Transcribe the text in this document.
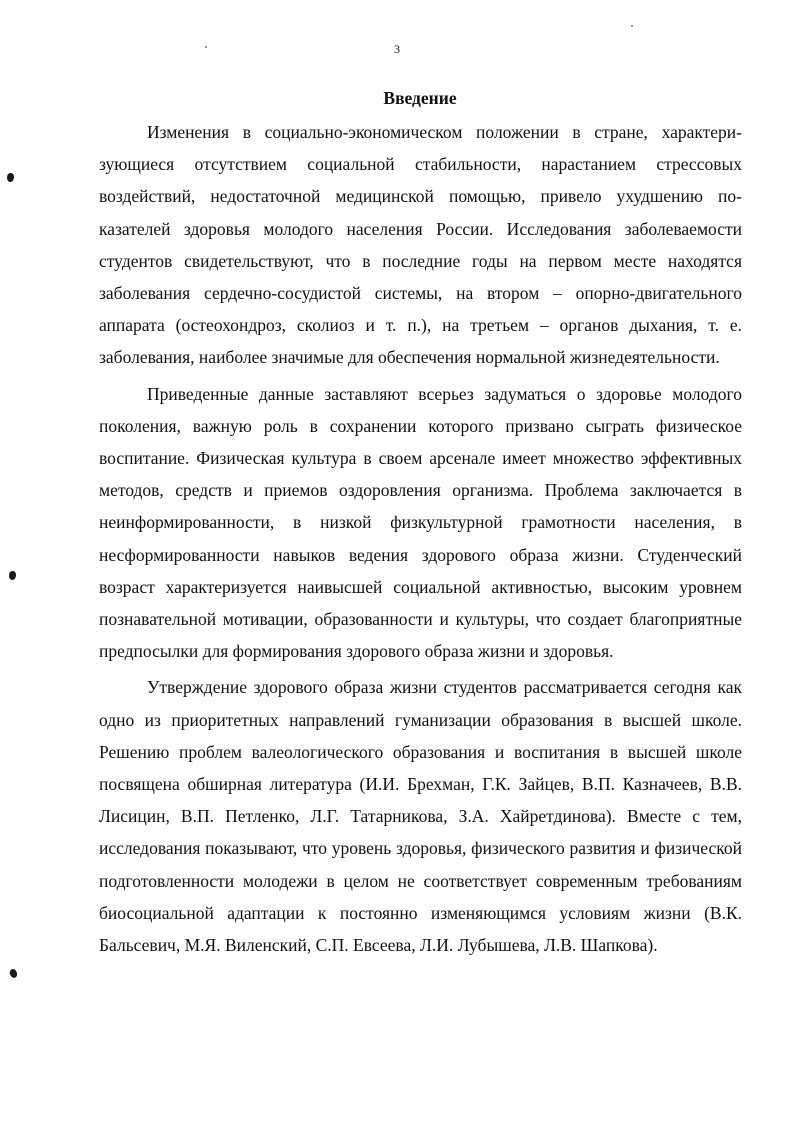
3
Введение

Изменения в социально-экономическом положении в стране, характеризующиеся отсутствием социальной стабильности, нарастанием стрессовых воздействий, недостаточной медицинской помощью, привело ухудшению показателей здоровья молодого населения России. Исследования заболеваемости студентов свидетельствуют, что в последние годы на первом месте находятся заболевания сердечно-сосудистой системы, на втором – опорно-двигательного аппарата (остеохондроз, сколиоз и т. п.), на третьем – органов дыхания, т. е. заболевания, наиболее значимые для обеспечения нормальной жизнедеятельности.

Приведенные данные заставляют всерьез задуматься о здоровье молодого поколения, важную роль в сохранении которого призвано сыграть физическое воспитание. Физическая культура в своем арсенале имеет множество эффективных методов, средств и приемов оздоровления организма. Проблема заключается в неинформированности, в низкой физкультурной грамотности населения, в несформированности навыков ведения здорового образа жизни. Студенческий возраст характеризуется наивысшей социальной активностью, высоким уровнем познавательной мотивации, образованности и культуры, что создает благоприятные предпосылки для формирования здорового образа жизни и здоровья.

Утверждение здорового образа жизни студентов рассматривается сегодня как одно из приоритетных направлений гуманизации образования в высшей школе. Решению проблем валеологического образования и воспитания в высшей школе посвящена обширная литература (И.И. Брехман, Г.К. Зайцев, В.П. Казначеев, В.В. Лисицин, В.П. Петленко, Л.Г. Татарникова, З.А. Хайретдинова). Вместе с тем, исследования показывают, что уровень здоровья, физического развития и физической подготовленности молодежи в целом не соответствует современным требованиям биосоциальной адаптации к постоянно изменяющимся условиям жизни (В.К. Бальсевич, М.Я. Виленский, С.П. Евсеева, Л.И. Лубышева, Л.В. Шапкова).
